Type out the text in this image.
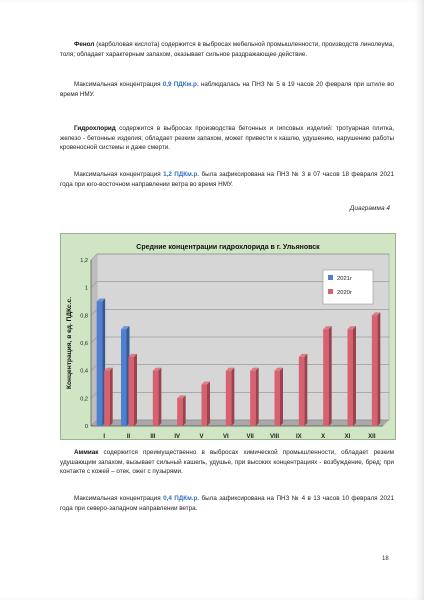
Фенол (карболовая кислота) содержится в выбросах мебельной промышленности, производств линолеума, толя; обладает характерным запахом, оказывает сильное раздражающее действие.

Максимальная концентрация 0,9 ПДКм.р. наблюдалась на ПНЗ № 5 в 19 часов 20 февраля при штиле во время НМУ.

Гидрохлорид содержится в выбросах производства бетонных и гипсовых изделий: тротуарная плитка, железо - бетонные изделия; обладает резким запахом, может привести к кашлю, удушению, нарушению работы кровеносной системы и даже смерти.

Максимальная концентрация 1,2 ПДКм.р. была зафиксирована на ПНЗ № 3 в 07 часов 18 февраля 2021 года при юго-восточном направлении ветра во время НМУ.

Диаграмма 4
Средние концентрации гидрохлорида в г. Ульяновск
0
0,2
0,4
0,6
0,8
1
1,2
Концентрация, в ед. ПДКс.с.
I	II	III	IV	V	VI	VII	VIII	IX	X	XI	XII
2021г
2020г

Аммиак содержится преимущественно в выбросах химической промышленности, обладает резким удушающим запахом, вызывает сильный кашель, удушье, при высоких концентрациях - возбуждение, бред; при контакте с кожей – отек, ожег с пузырями.

Максимальная концентрация 0,4 ПДКм.р. была зафиксирована на ПНЗ № 4 в 13 часов 10 февраля 2021 года при северо-западном направлении ветра.

18
